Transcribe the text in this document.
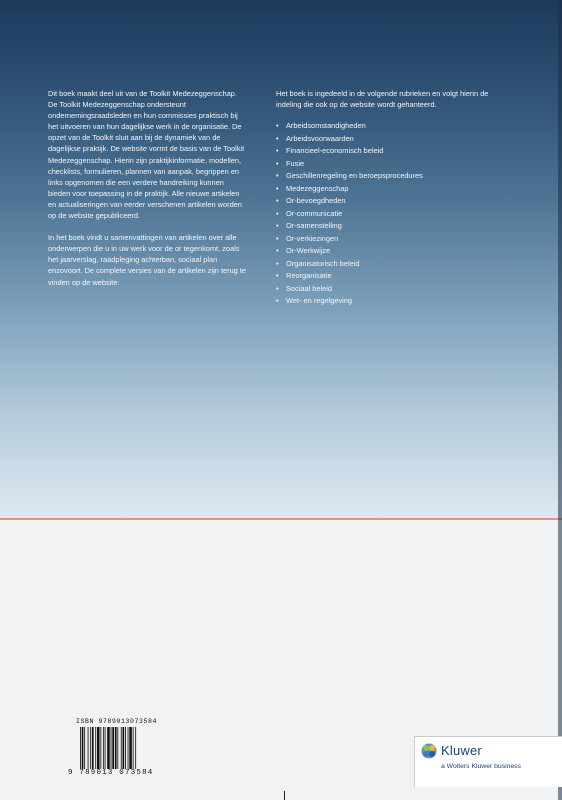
Dit boek maakt deel uit van de Toolkit Medezeggenschap. De Toolkit Medezeggenschap ondersteunt ondernemingsraadsleden en hun commissies praktisch bij het uitvoeren van hun dagelijkse werk in de organisatie. De opzet van de Toolkit sluit aan bij de dynamiek van de dagelijkse praktijk. De website vormt de basis van de Toolkit Medezeggenschap. Hierin zijn praktijkinformatie, modellen, checklists, formulieren, plannen van aanpak, begrippen en links opgenomen die een verdere handreiking kunnen bieden voor toepassing in de praktijk. Alle nieuwe artikelen en actualiseringen van eerder verschenen artikelen worden op de website gepubliceerd.

In het boek vindt u samenvattingen van artikelen over alle onderwerpen die u in uw werk voor de or tegenkomt, zoals het jaarverslag, raadpleging achterban, sociaal plan enzovoort. De complete versies van de artikelen zijn terug te vinden op de website.

Het boek is ingedeeld in de volgende rubrieken en volgt hierin de indeling die ook op de website wordt gehanteerd.

• Arbeidsomstandigheden
• Arbeidsvoorwaarden
• Financieel-economisch beleid
• Fusie
• Geschillenregeling en beroepsprocedures
• Medezeggenschap
• Or-bevoegdheden
• Or-communicatie
• Or-samenstelling
• Or-verkiezingen
• Or-Werkwijze
• Organisatorisch beleid
• Reorganisatie
• Sociaal beleid
• Wet- en regelgeving
ISBN 9789013073584
9 789013 073584
Kluwer
a Wolters Kluwer business
